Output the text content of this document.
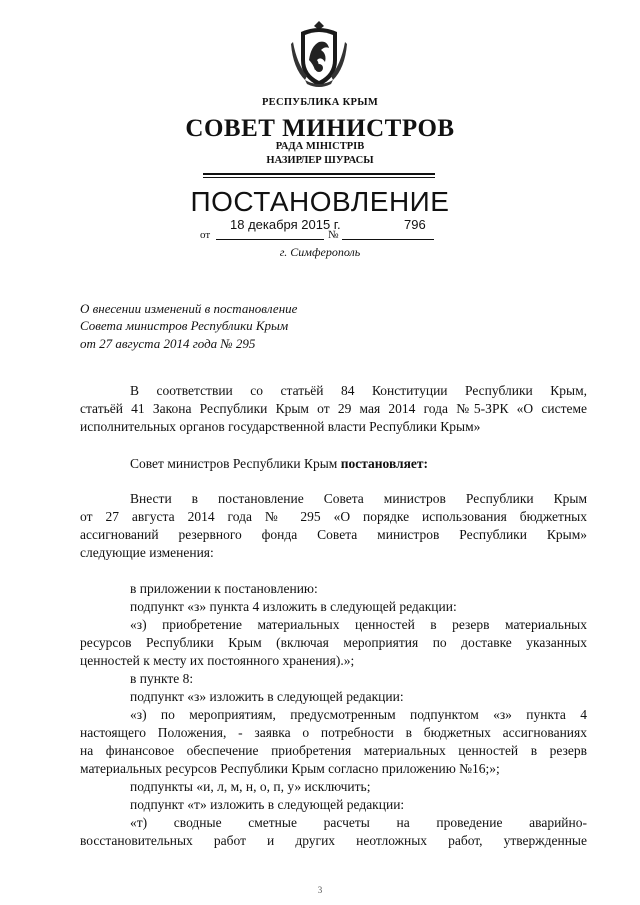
РЕСПУБЛИКА КРЫМ
СОВЕТ МИНИСТРОВ
РАДА МІНІСТРІВ
НАЗИРЛЕР ШУРАСЫ
ПОСТАНОВЛЕНИЕ
от
18 декабря 2015 г.
№
796
г. Симферополь
О внесении изменений в постановление
Совета министров Республики Крым
от 27 августа 2014 года № 295

В соответствии со статьёй 84 Конституции Республики Крым,

статьёй 41 Закона Республики Крым от 29 мая 2014 года №5-ЗРК «О системе

исполнительных органов государственной власти Республики Крым»

Совет министров Республики Крым постановляет:

Внести в постановление Совета министров Республики Крым

от 27 августа 2014 года № 295 «О порядке использования бюджетных

ассигнований резервного фонда Совета министров Республики Крым»

следующие изменения:

в приложении к постановлению:

подпункт «з» пункта 4 изложить в следующей редакции:

«з) приобретение материальных ценностей в резерв материальных

ресурсов Республики Крым (включая мероприятия по доставке указанных

ценностей к месту их постоянного хранения).»;

в пункте 8:

подпункт «з» изложить в следующей редакции:

«з) по мероприятиям, предусмотренным подпунктом «з» пункта 4

настоящего Положения, - заявка о потребности в бюджетных ассигнованиях

на финансовое обеспечение приобретения материальных ценностей в резерв

материальных ресурсов Республики Крым согласно приложению №16;»;

подпункты «и, л, м, н, о, п, у» исключить;

подпункт «т» изложить в следующей редакции:

«т) сводные сметные расчеты на проведение аварийно-

восстановительных работ и других неотложных работ, утвержденные

3
